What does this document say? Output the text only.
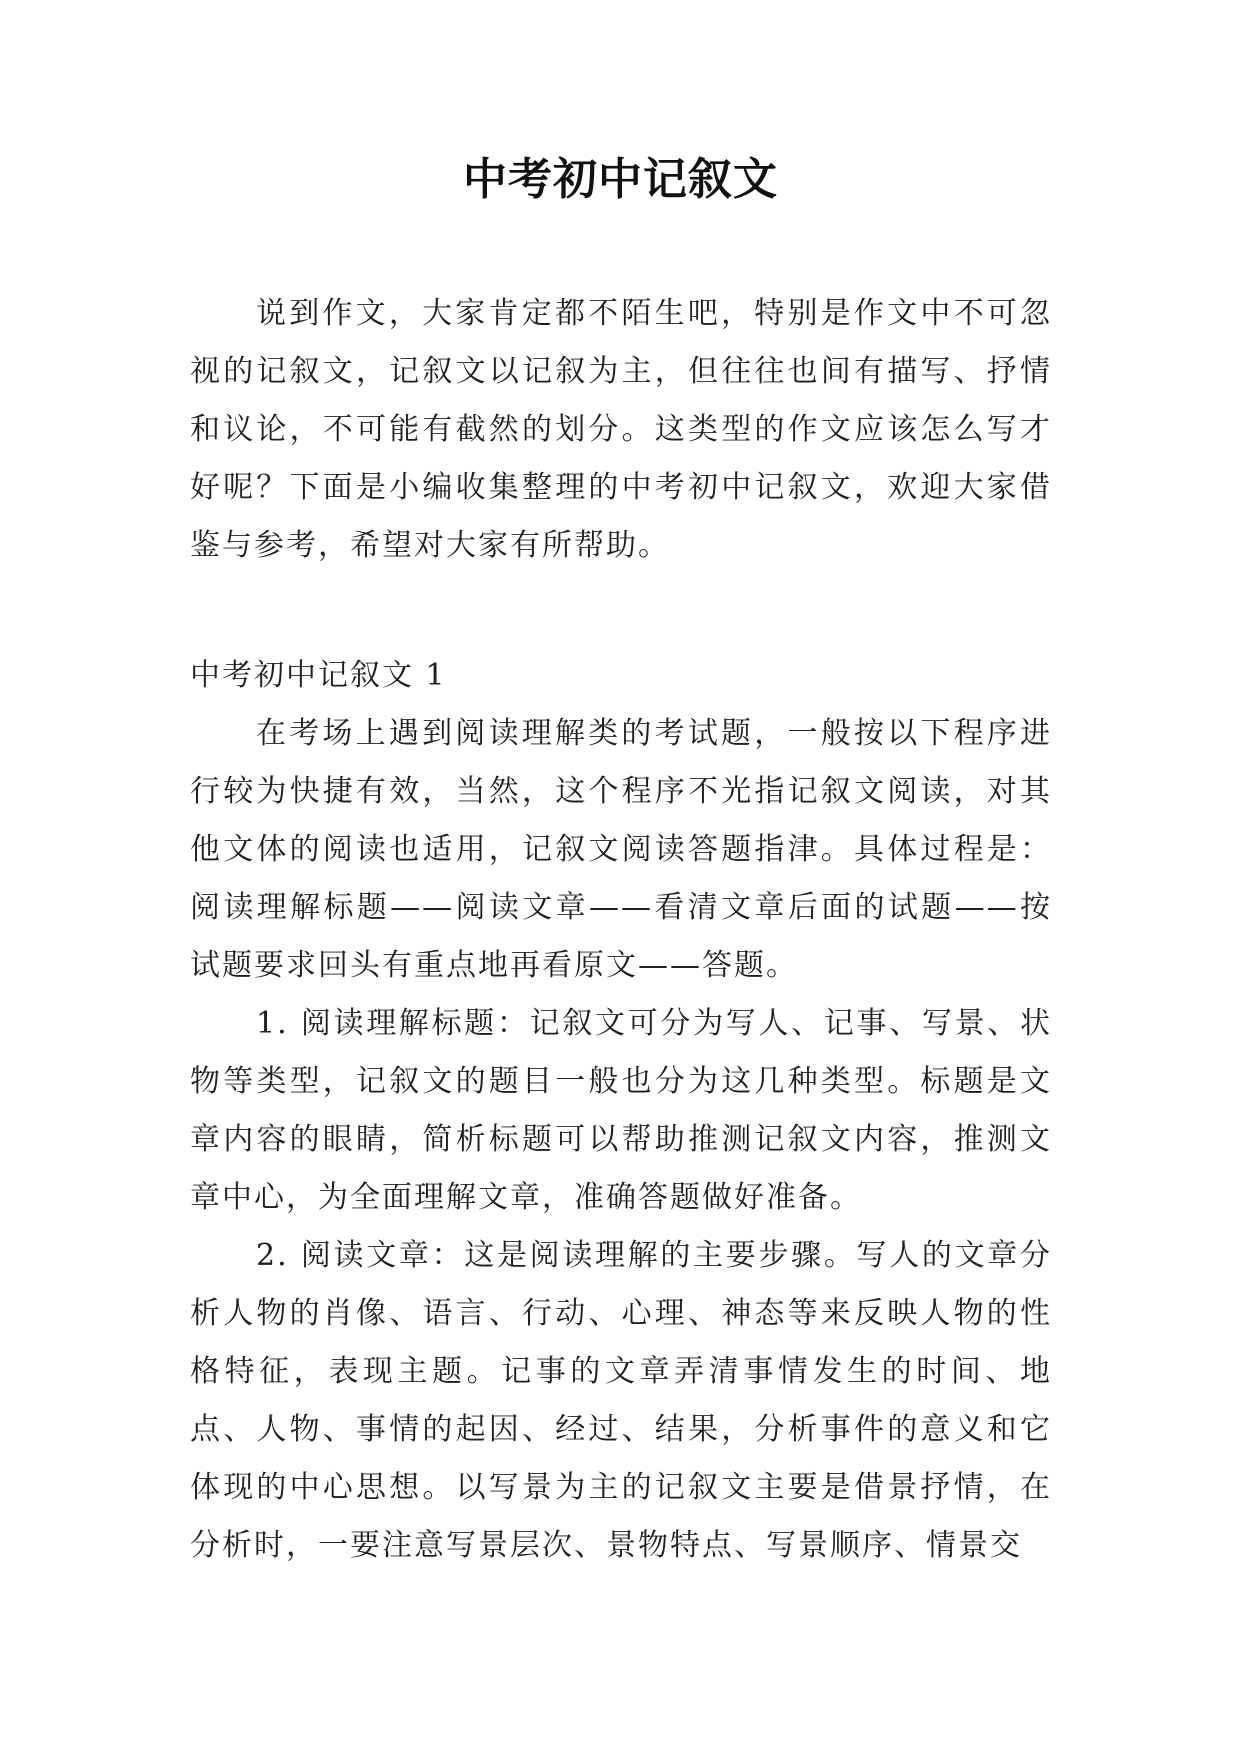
中考初中记叙文

说到作文，大家肯定都不陌生吧，特别是作文中不可忽视的记叙文，记叙文以记叙为主，但往往也间有描写、抒情和议论，不可能有截然的划分。这类型的作文应该怎么写才好呢？下面是小编收集整理的中考初中记叙文，欢迎大家借鉴与参考，希望对大家有所帮助。

中考初中记叙文 1

在考场上遇到阅读理解类的考试题，一般按以下程序进行较为快捷有效，当然，这个程序不光指记叙文阅读，对其他文体的阅读也适用，记叙文阅读答题指津。具体过程是：阅读理解标题——阅读文章——看清文章后面的试题——按试题要求回头有重点地再看原文——答题。

1. 阅读理解标题：记叙文可分为写人、记事、写景、状物等类型，记叙文的题目一般也分为这几种类型。标题是文章内容的眼睛，简析标题可以帮助推测记叙文内容，推测文章中心，为全面理解文章，准确答题做好准备。

2. 阅读文章：这是阅读理解的主要步骤。写人的文章分析人物的肖像、语言、行动、心理、神态等来反映人物的性格特征，表现主题。记事的文章弄清事情发生的时间、地点、人物、事情的起因、经过、结果，分析事件的意义和它体现的中心思想。以写景为主的记叙文主要是借景抒情，在分析时，一要注意写景层次、景物特点、写景顺序、情景交
